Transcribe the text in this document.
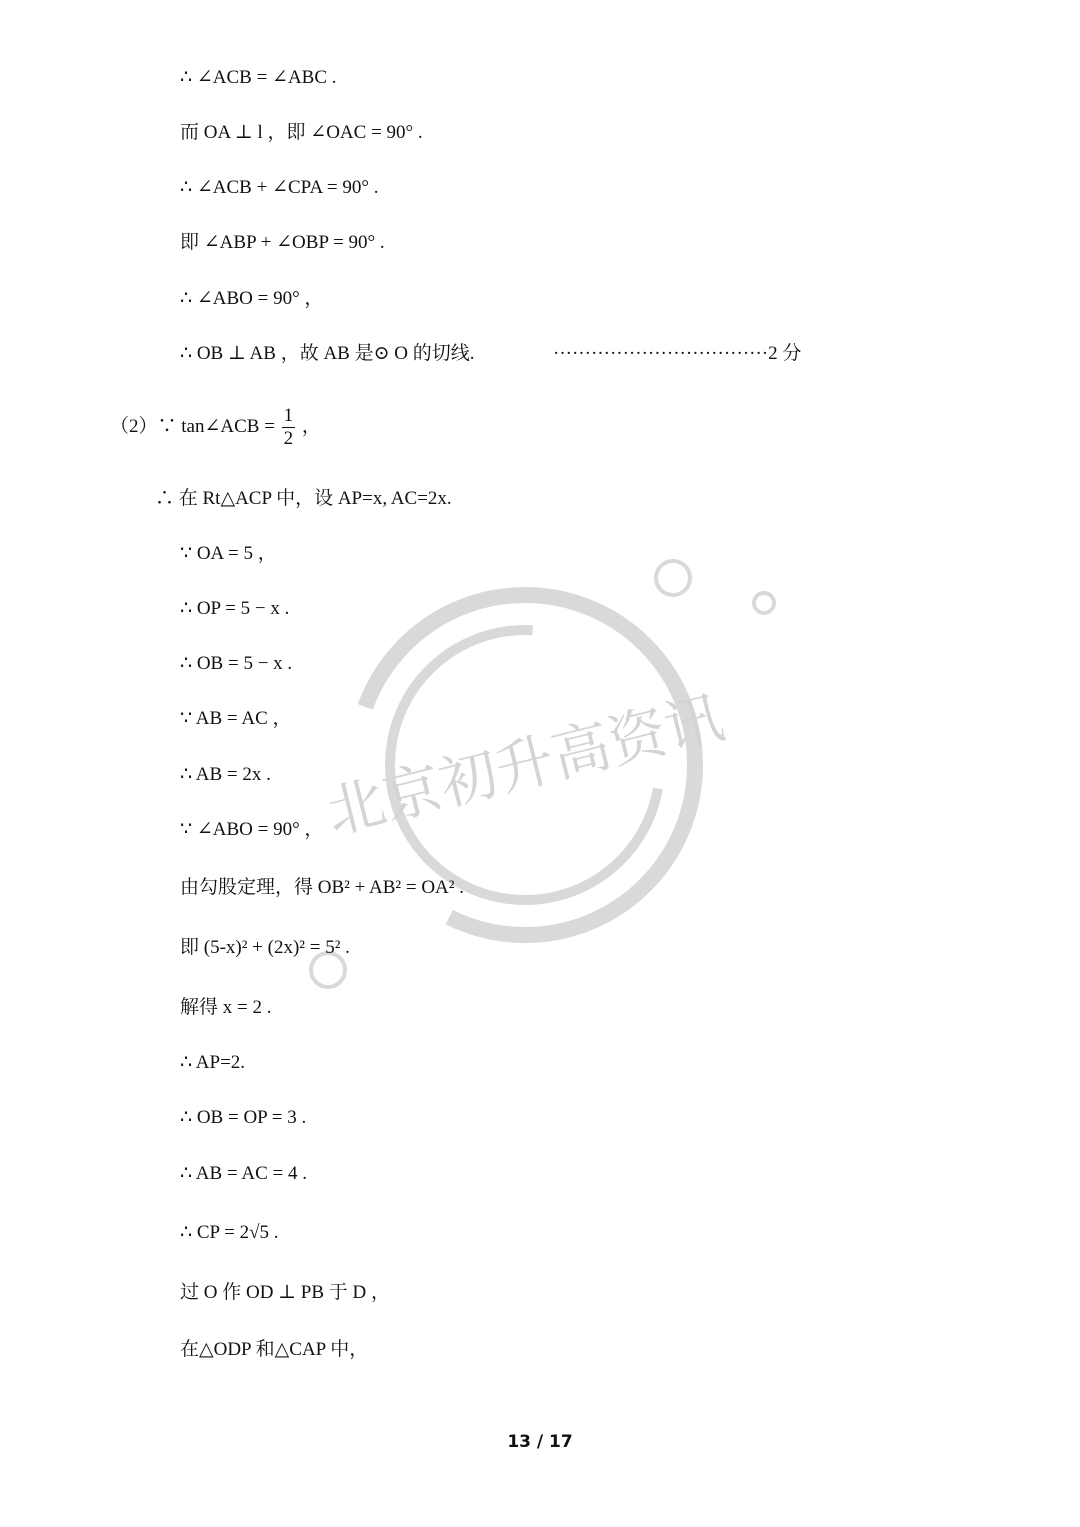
北京初升高资讯
∴ ∠ACB = ∠ABC .
而 OA ⊥ l ，即 ∠OAC = 90° .
∴ ∠ACB + ∠CPA = 90° .
即 ∠ABP + ∠OBP = 90° .
∴ ∠ABO = 90° ，
∴ OB ⊥ AB ，故 AB 是⊙ O 的切线.	··································2 分
（2）∵ tan∠ACB = $\frac{1}{2}$ ，
∴ 在 Rt△ACP 中，设 AP=x, AC=2x.
∵ OA = 5 ，
∴ OP = 5 − x .
∴ OB = 5 − x .
∵ AB = AC ，
∴ AB = 2x .
∵ ∠ABO = 90° ，
由勾股定理，得 OB² + AB² = OA² .
即 (5-x)² + (2x)² = 5² .
解得 x = 2 .
∴ AP=2.
∴ OB = OP = 3 .
∴ AB = AC = 4 .
∴ CP = 2√5 .
过 O 作 OD ⊥ PB 于 D ，
在△ODP 和△CAP 中，
13 / 17
